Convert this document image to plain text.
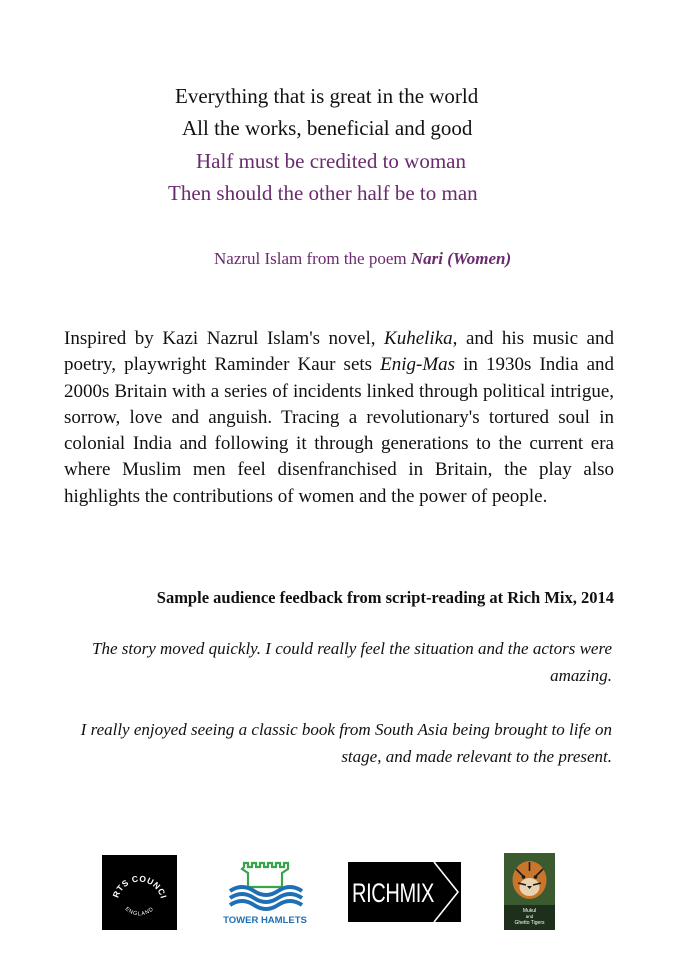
Everything that is great in the world
All the works, beneficial and good
Half must be credited to woman
Then should the other half be to man
Nazrul Islam from the poem Nari (Women)
Inspired by Kazi Nazrul Islam's novel, Kuhelika, and his music and poetry, playwright Raminder Kaur sets Enig-Mas in 1930s India and 2000s Britain with a series of incidents linked through political intrigue, sorrow, love and anguish. Tracing a revolutionary's tortured soul in colonial India and following it through generations to the current era where Muslim men feel disenfranchised in Britain, the play also highlights the contributions of women and the power of people.
Sample audience feedback from script-reading at Rich Mix, 2014
The story moved quickly. I could really feel the situation and the actors were amazing.
I really enjoyed seeing a classic book from South Asia being brought to life on stage, and made relevant to the present.
RTS COUNCI
ENGLAND
TOWER HAMLETS
RICHMIX
Mukul
and
Ghetto Tigers
